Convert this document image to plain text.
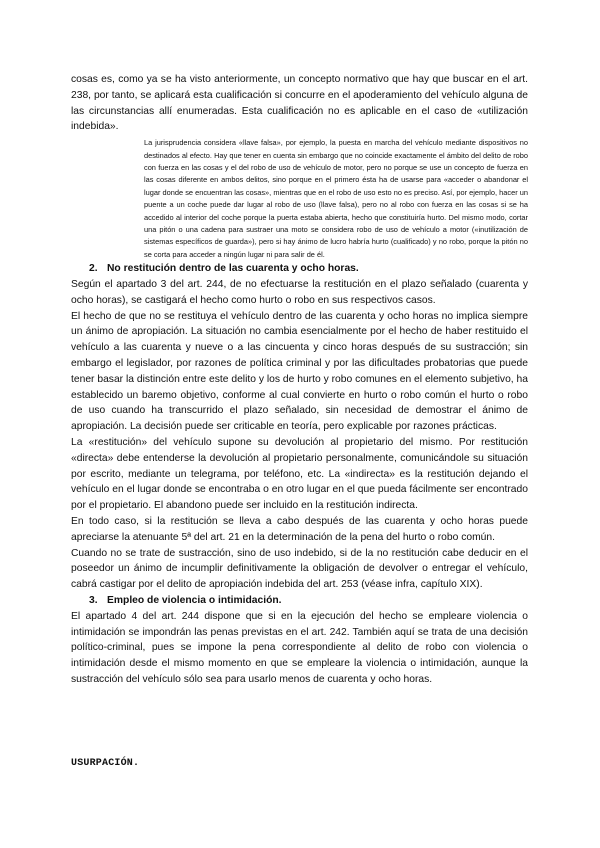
cosas es, como ya se ha visto anteriormente, un concepto normativo que hay que buscar en el art. 238, por tanto, se aplicará esta cualificación si concurre en el apoderamiento del vehículo alguna de las circunstancias allí enumeradas. Esta cualificación no es aplicable en el caso de «utilización indebida».

La jurisprudencia considera «llave falsa», por ejemplo, la puesta en marcha del vehículo mediante dispositivos no destinados al efecto. Hay que tener en cuenta sin embargo que no coincide exactamente el ámbito del delito de robo con fuerza en las cosas y el del robo de uso de vehículo de motor, pero no porque se use un concepto de fuerza en las cosas diferente en ambos delitos, sino porque en el primero ésta ha de usarse para «acceder o abandonar el lugar donde se encuentran las cosas», mientras que en el robo de uso esto no es preciso. Así, por ejemplo, hacer un puente a un coche puede dar lugar al robo de uso (llave falsa), pero no al robo con fuerza en las cosas si se ha accedido al interior del coche porque la puerta estaba abierta, hecho que constituiría hurto. Del mismo modo, cortar una pitón o una cadena para sustraer una moto se considera robo de uso de vehículo a motor («inutilización de sistemas específicos de guarda»), pero si hay ánimo de lucro habría hurto (cualificado) y no robo, porque la pitón no se corta para acceder a ningún lugar ni para salir de él.

2. No restitución dentro de las cuarenta y ocho horas.

Según el apartado 3 del art. 244, de no efectuarse la restitución en el plazo señalado (cuarenta y ocho horas), se castigará el hecho como hurto o robo en sus respectivos casos.

El hecho de que no se restituya el vehículo dentro de las cuarenta y ocho horas no implica siempre un ánimo de apropiación. La situación no cambia esencialmente por el hecho de haber restituido el vehículo a las cuarenta y nueve o a las cincuenta y cinco horas después de su sustracción; sin embargo el legislador, por razones de política criminal y por las dificultades probatorias que puede tener basar la distinción entre este delito y los de hurto y robo comunes en el elemento subjetivo, ha establecido un baremo objetivo, conforme al cual convierte en hurto o robo común el hurto o robo de uso cuando ha transcurrido el plazo señalado, sin necesidad de demostrar el ánimo de apropiación. La decisión puede ser criticable en teoría, pero explicable por razones prácticas.

La «restitución» del vehículo supone su devolución al propietario del mismo. Por restitución «directa» debe entenderse la devolución al propietario personalmente, comunicándole su situación por escrito, mediante un telegrama, por teléfono, etc. La «indirecta» es la restitución dejando el vehículo en el lugar donde se encontraba o en otro lugar en el que pueda fácilmente ser encontrado por el propietario. El abandono puede ser incluido en la restitución indirecta.

En todo caso, si la restitución se lleva a cabo después de las cuarenta y ocho horas puede apreciarse la atenuante 5ª del art. 21 en la determinación de la pena del hurto o robo común.

Cuando no se trate de sustracción, sino de uso indebido, si de la no restitución cabe deducir en el poseedor un ánimo de incumplir definitivamente la obligación de devolver o entregar el vehículo, cabrá castigar por el delito de apropiación indebida del art. 253 (véase infra, capítulo XIX).

3. Empleo de violencia o intimidación.

El apartado 4 del art. 244 dispone que si en la ejecución del hecho se empleare violencia o intimidación se impondrán las penas previstas en el art. 242. También aquí se trata de una decisión político-criminal, pues se impone la pena correspondiente al delito de robo con violencia o intimidación desde el mismo momento en que se empleare la violencia o intimidación, aunque la sustracción del vehículo sólo sea para usarlo menos de cuarenta y ocho horas.

USURPACIÓN.
